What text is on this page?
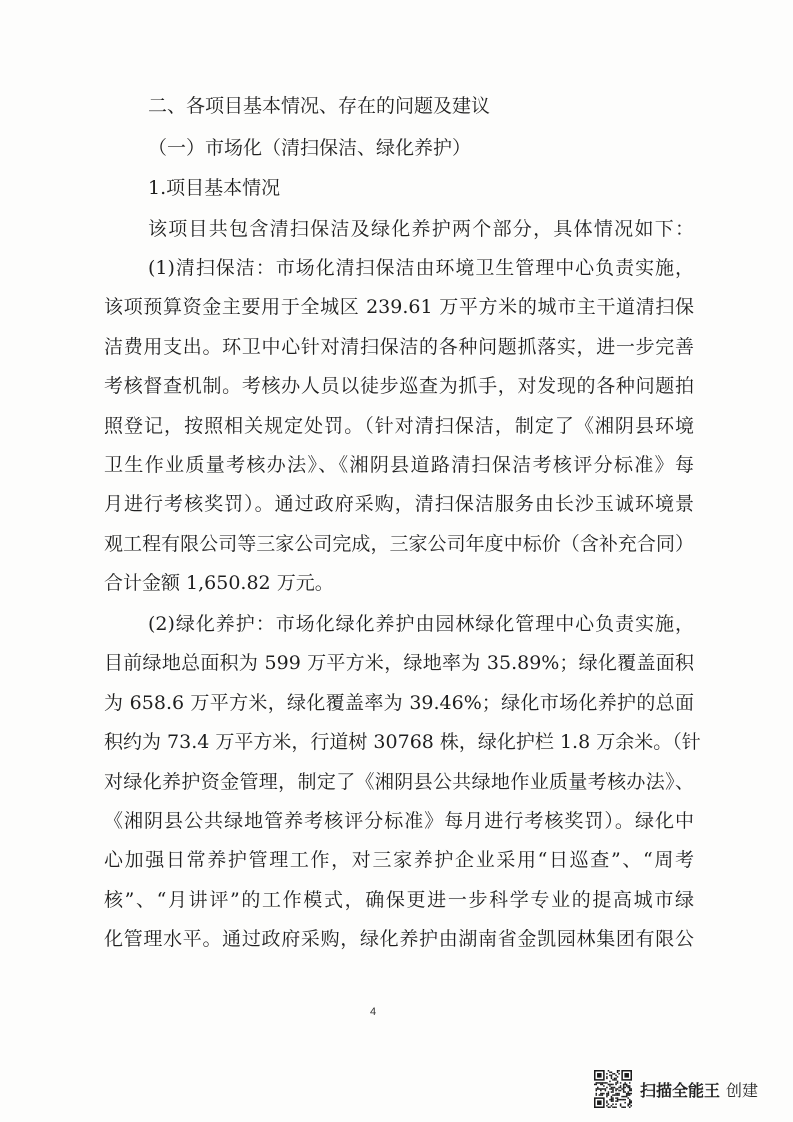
二、各项目基本情况、存在的问题及建议
（一）市场化（清扫保洁、绿化养护）
1.项目基本情况
该项目共包含清扫保洁及绿化养护两个部分，具体情况如下：
(1)清扫保洁：市场化清扫保洁由环境卫生管理中心负责实施，
该项预算资金主要用于全城区 239.61 万平方米的城市主干道清扫保
洁费用支出。环卫中心针对清扫保洁的各种问题抓落实，进一步完善
考核督查机制。考核办人员以徒步巡查为抓手，对发现的各种问题拍
照登记，按照相关规定处罚。（针对清扫保洁，制定了《湘阴县环境
卫生作业质量考核办法》、《湘阴县道路清扫保洁考核评分标准》每
月进行考核奖罚）。通过政府采购，清扫保洁服务由长沙玉诚环境景
观工程有限公司等三家公司完成，三家公司年度中标价（含补充合同）
合计金额 1,650.82 万元。
(2)绿化养护：市场化绿化养护由园林绿化管理中心负责实施，
目前绿地总面积为 599 万平方米，绿地率为 35.89%；绿化覆盖面积
为 658.6 万平方米，绿化覆盖率为 39.46%；绿化市场化养护的总面
积约为 73.4 万平方米，行道树 30768 株，绿化护栏 1.8 万余米。（针
对绿化养护资金管理，制定了《湘阴县公共绿地作业质量考核办法》、
《湘阴县公共绿地管养考核评分标准》每月进行考核奖罚）。绿化中
心加强日常养护管理工作，对三家养护企业采用“日巡查”、“周考
核”、“月讲评”的工作模式，确保更进一步科学专业的提高城市绿
化管理水平。通过政府采购，绿化养护由湖南省金凯园林集团有限公
4
扫描全能王 创建
